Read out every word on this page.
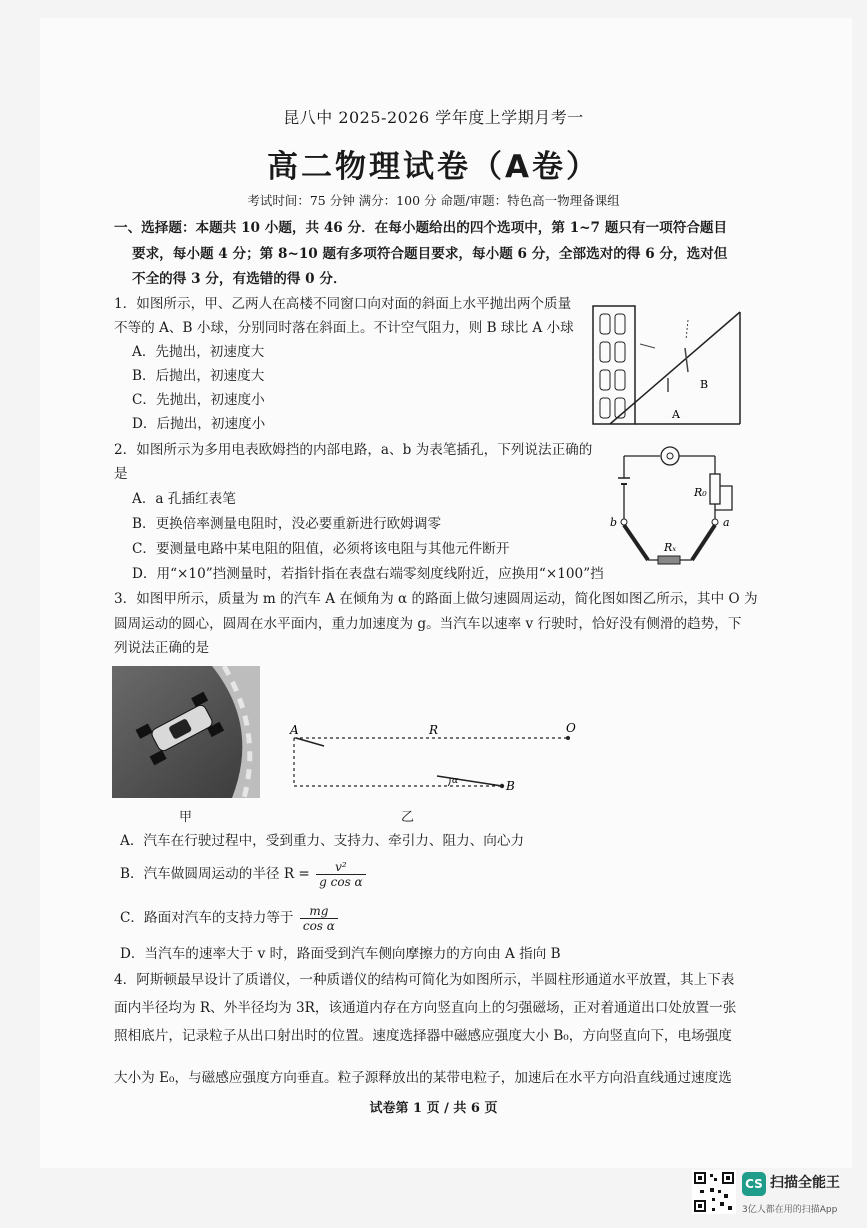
昆八中 2025-2026 学年度上学期月考一
高二物理试卷（A卷）
考试时间：75 分钟 满分：100 分 命题/审题：特色高一物理备课组
一、选择题：本题共 10 小题，共 46 分．在每小题给出的四个选项中，第 1~7 题只有一项符合题目
要求，每小题 4 分；第 8~10 题有多项符合题目要求，每小题 6 分，全部选对的得 6 分，选对但
不全的得 3 分，有选错的得 0 分．
1．如图所示，甲、乙两人在高楼不同窗口向对面的斜面上水平抛出两个质量
不等的 A、B 小球，分别同时落在斜面上。不计空气阻力，则 B 球比 A 小球
A．先抛出，初速度大
B．后抛出，初速度大
C．先抛出，初速度小
D．后抛出，初速度小
B
A
2．如图所示为多用电表欧姆挡的内部电路，a、b 为表笔插孔，下列说法正确的
是
A．a 孔插红表笔
B．更换倍率测量电阻时，没必要重新进行欧姆调零
C．要测量电路中某电阻的阻值，必须将该电阻与其他元件断开
D．用“×10”挡测量时，若指针指在表盘右端零刻度线附近，应换用“×100”挡
R₀
b	a
Rₓ
3．如图甲所示，质量为 m 的汽车 A 在倾角为 α 的路面上做匀速圆周运动，简化图如图乙所示，其中 O 为
圆周运动的圆心，圆周在水平面内，重力加速度为 g。当汽车以速率 v 行驶时，恰好没有侧滑的趋势，下
列说法正确的是
甲
A	R	O
B
α
乙
A．汽车在行驶过程中，受到重力、支持力、牵引力、阻力、向心力
B．汽车做圆周运动的半径 $R = \frac{\text{v²}}{\text{g cos α}}$
C．路面对汽车的支持力等于 $\frac{mg}{\text{cos α}}$
D．当汽车的速率大于 v 时，路面受到汽车侧向摩擦力的方向由 A 指向 B
4．阿斯顿最早设计了质谱仪，一种质谱仪的结构可简化为如图所示，半圆柱形通道水平放置，其上下表
面内半径均为 R、外半径均为 3R，该通道内存在方向竖直向上的匀强磁场，正对着通道出口处放置一张
照相底片，记录粒子从出口射出时的位置。速度选择器中磁感应强度大小 B₀，方向竖直向下，电场强度
大小为 E₀，与磁感应强度方向垂直。粒子源释放出的某带电粒子，加速后在水平方向沿直线通过速度选
试卷第 1 页 / 共 6 页
CS 扫描全能王
3亿人都在用的扫描App
